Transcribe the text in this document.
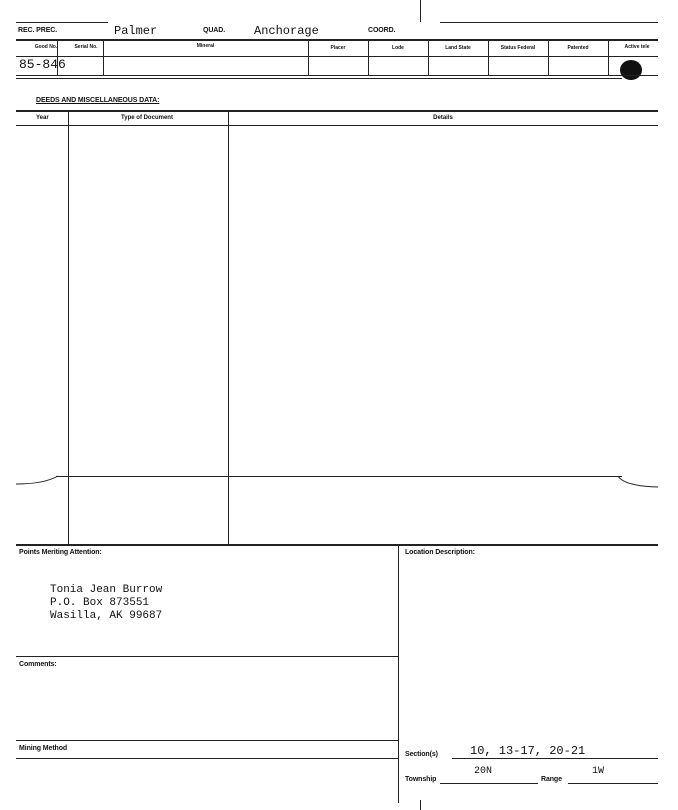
REC. PREC.	Palmer	QUAD. Anchorage	COORD.
Good No.	Serial No.	Mineral	Placer	Lode	Land State	Status Federal	Patented	Active tele
85-846
DEEDS AND MISCELLANEOUS DATA:
Year	Type of Document	Details
Points Meriting Attention:
Tonia Jean Burrow
P.O. Box 873551
Wasilla, AK 99687
Comments:
Mining Method
Location Description:
Section(s)	10, 13-17, 20-21
Township
20N
Range
1W
